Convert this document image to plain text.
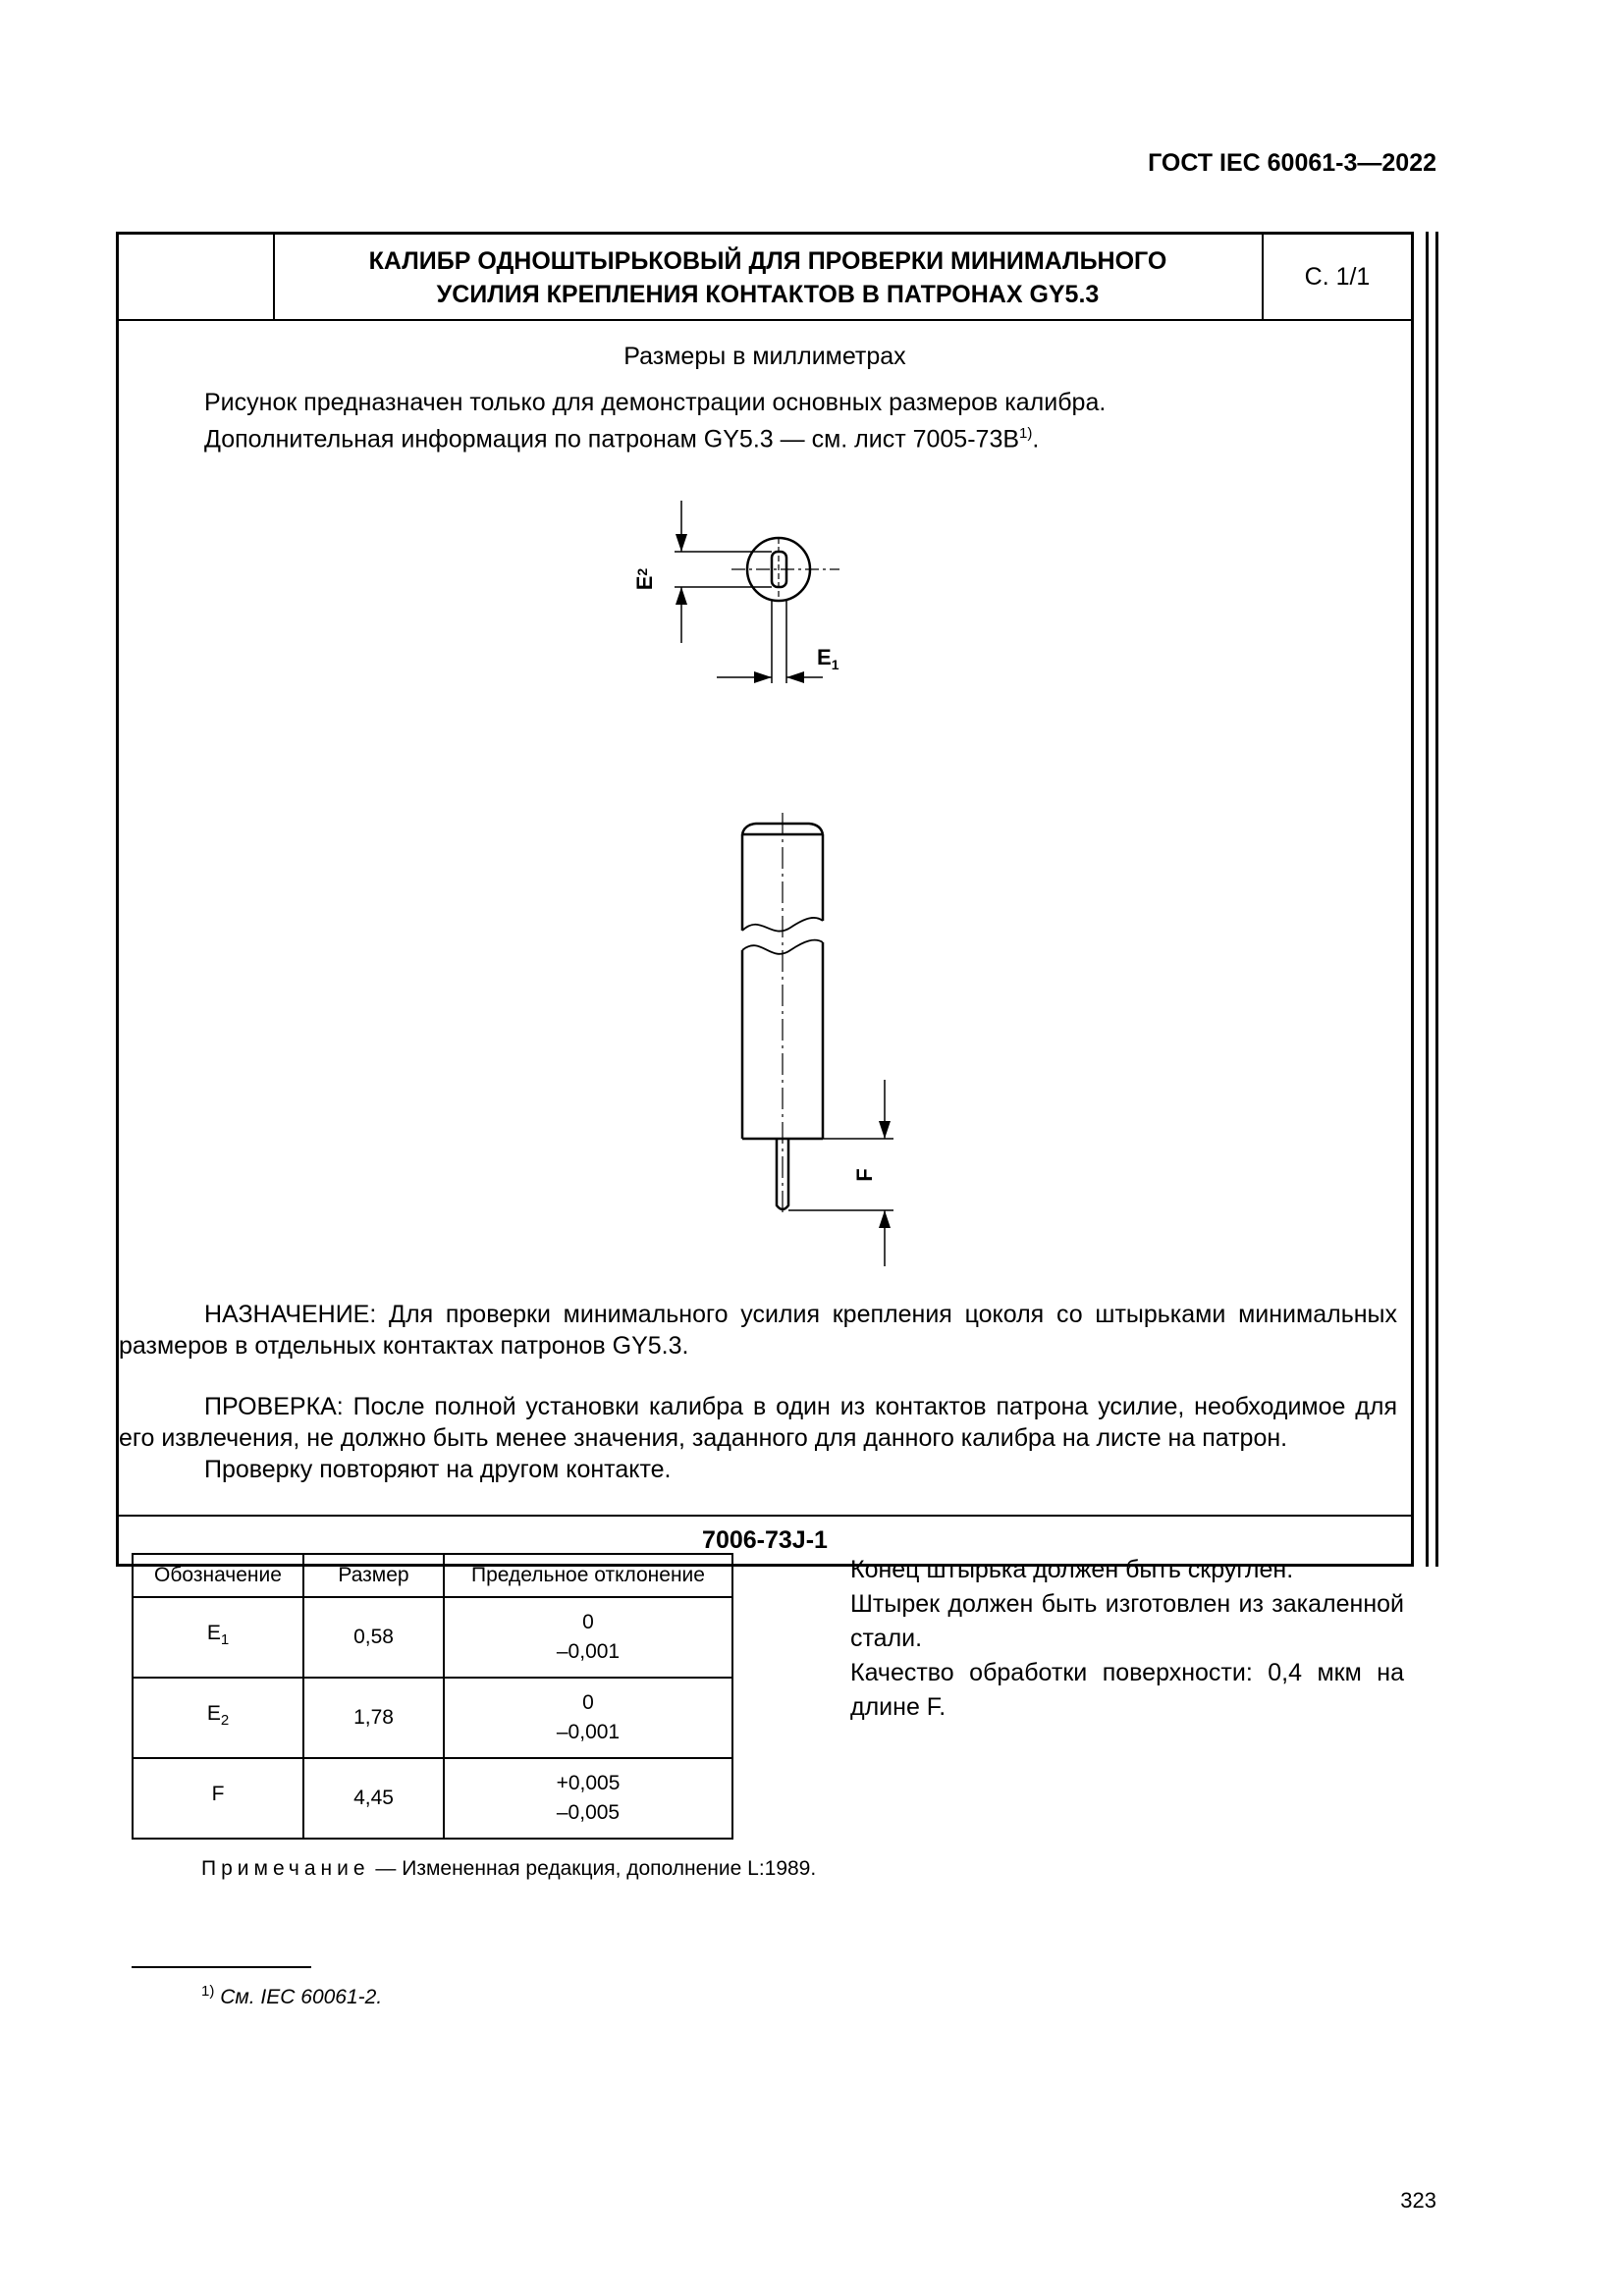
ГОСТ IEC 60061-3—2022
КАЛИБР ОДНОШТЫРЬКОВЫЙ ДЛЯ ПРОВЕРКИ МИНИМАЛЬНОГО
УСИЛИЯ КРЕПЛЕНИЯ КОНТАКТОВ В ПАТРОНАХ GY5.3
С. 1/1
Размеры в миллиметрах
Рисунок предназначен только для демонстрации основных размеров калибра.
Дополнительная информация по патронам GY5.3 — см. лист $7005-73B^{1)}$.

НАЗНАЧЕНИЕ: Для проверки минимального усилия крепления цоколя со штырьками минимальных размеров в отдельных контактах патронов GY5.3.

ПРОВЕРКА: После полной установки калибра в один из контактов патрона усилие, необходимое для его извлечения, не должно быть менее значения, заданного для данного калибра на листе на патрон.

Проверку повторяют на другом контакте.

7006-73J-1
$E^2$
$E_1$
F
Обозначение	Размер	Предельное отклонение
$E_1$	0,58	0
–0,001

$E_2$	1,78	0
–0,001

F	4,45	+0,005
–0,005

Конец штырька должен быть скруглен.

Штырек должен быть изготовлен из закаленной стали.

Качество обработки поверхности: 0,4 мкм на длине F.

Примечание — Измененная редакция, дополнение L:1989.
$^{1)}$ См. IEC 60061-2.
323
